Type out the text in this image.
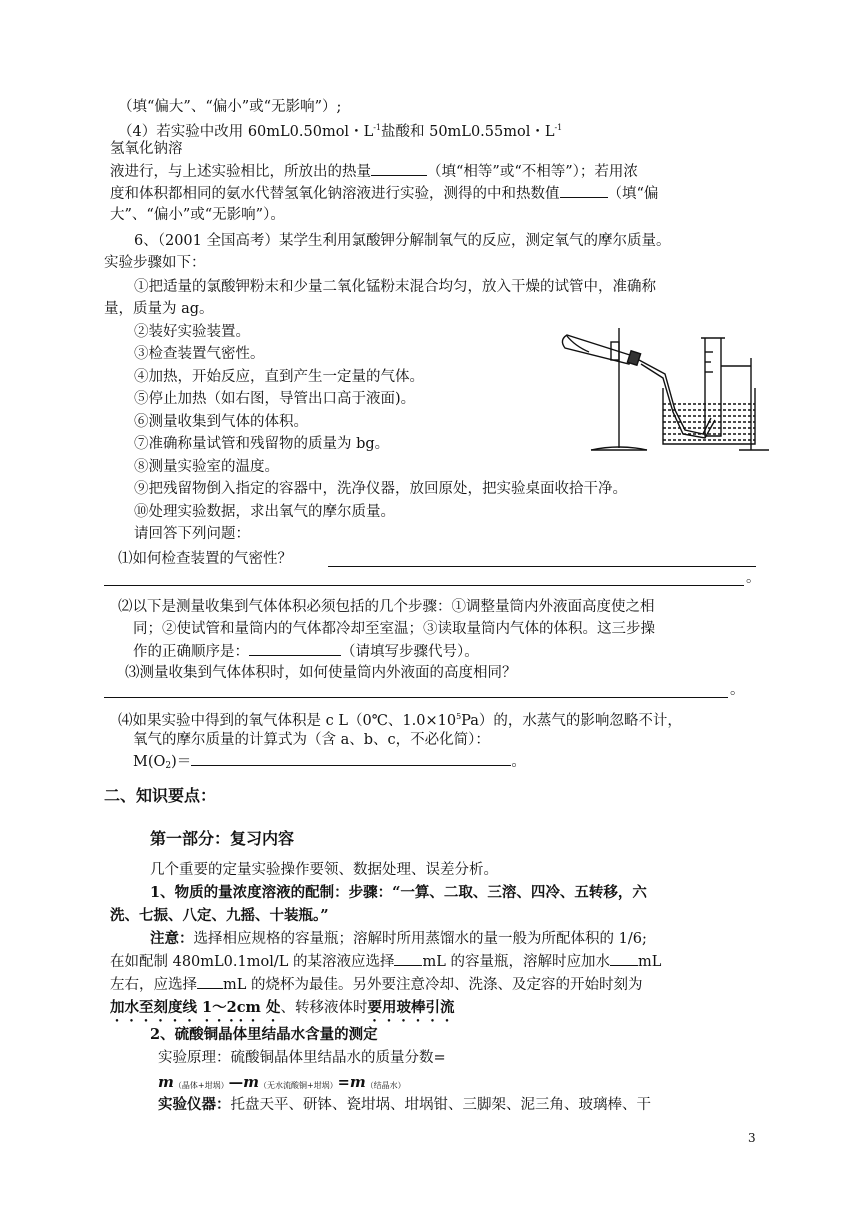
（填“偏大”、“偏小”或“无影响”）;
（4）若实验中改用 60mL0.50mol・$L^{-1}$盐酸和 50mL0.55mol・$L^{-1}$
氢氧化钠溶
液进行，与上述实验相比，所放出的热量	（填“相等”或“不相等”）；若用浓
度和体积都相同的氨水代替氢氧化钠溶液进行实验，测得的中和热数值	（填“偏
大”、“偏小”或“无影响”）。
6、（2001 全国高考）某学生利用氯酸钾分解制氧气的反应，测定氧气的摩尔质量。
实验步骤如下：
①把适量的氯酸钾粉末和少量二氧化锰粉末混合均匀，放入干燥的试管中，准确称
量，质量为 ag。
②装好实验装置。
③检查装置气密性。
④加热，开始反应，直到产生一定量的气体。
⑤停止加热（如右图，导管出口高于液面)。
⑥测量收集到气体的体积。
⑦准确称量试管和残留物的质量为 bg。
⑧测量实验室的温度。
⑨把残留物倒入指定的容器中，洗净仪器，放回原处，把实验桌面收拾干净。
⑩处理实验数据，求出氧气的摩尔质量。
请回答下列问题：
⑴如何检查装置的气密性？
。
⑵以下是测量收集到气体体积必须包括的几个步骤：①调整量筒内外液面高度使之相
同；②使试管和量筒内的气体都冷却至室温；③读取量筒内气体的体积。这三步操
作的正确顺序是：	（请填写步骤代号）。
⑶测量收集到气体体积时，如何使量筒内外液面的高度相同？
。
⑷如果实验中得到的氧气体积是 c L（0℃、$1.0\times 10^5Pa$）的，水蒸气的影响忽略不计，
氧气的摩尔质量的计算式为（含 a、b、c，不必化简）：
$M(O_2)=$	。
二、知识要点：
第一部分：复习内容
几个重要的定量实验操作要领、数据处理、误差分析。
1、物质的量浓度溶液的配制：步骤：“一算、二取、三溶、四冷、五转移，六
洗、七振、八定、九摇、十装瓶。”
注意：选择相应规格的容量瓶；溶解时所用蒸馏水的量一般为所配体积的 1/6;
在如配制 480mL0.1mol/L 的某溶液应选择 mL 的容量瓶，溶解时应加水 mL
左右，应选择 mL 的烧杯为最佳。另外要注意冷却、洗涤、及定容的开始时刻为
加水至刻度线 1～2cm 处、转移液体时要用玻棒引流
2、硫酸铜晶体里结晶水含量的测定
实验原理：硫酸铜晶体里结晶水的质量分数=
m（晶体+坩埚）—m（无水流酸铜+坩埚）=m（结晶水）
实验仪器：托盘天平、研钵、瓷坩埚、坩埚钳、三脚架、泥三角、玻璃棒、干
3
